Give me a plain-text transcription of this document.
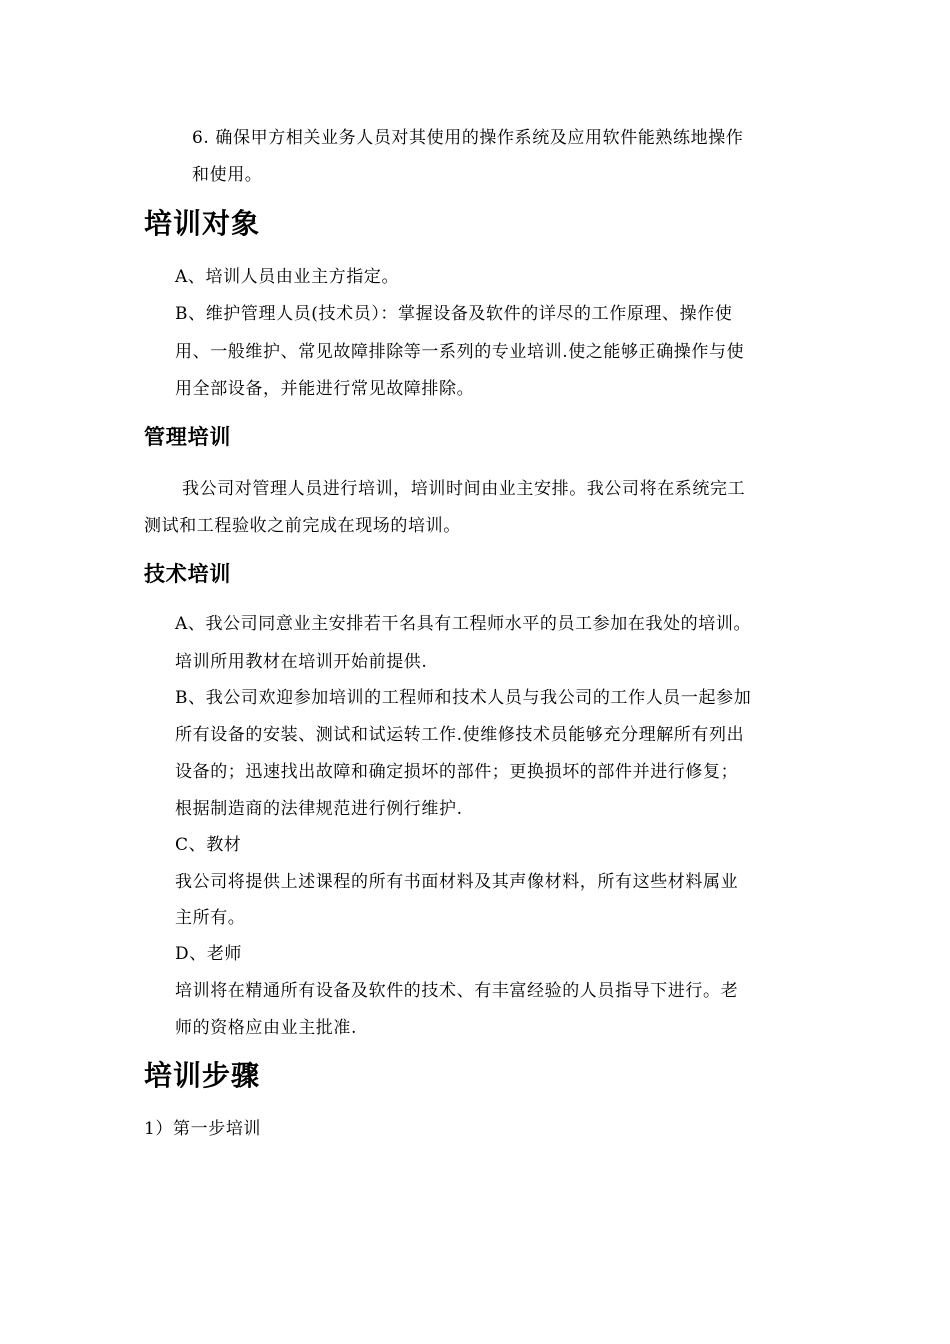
6. 确保甲方相关业务人员对其使用的操作系统及应用软件能熟练地操作
和使用。
培训对象
A、培训人员由业主方指定。
B、维护管理人员(技术员）：掌握设备及软件的详尽的工作原理、操作使
用、一般维护、常见故障排除等一系列的专业培训.使之能够正确操作与使
用全部设备，并能进行常见故障排除。
管理培训
我公司对管理人员进行培训，培训时间由业主安排。我公司将在系统完工
测试和工程验收之前完成在现场的培训。
技术培训
A、我公司同意业主安排若干名具有工程师水平的员工参加在我处的培训。
培训所用教材在培训开始前提供.
B、我公司欢迎参加培训的工程师和技术人员与我公司的工作人员一起参加
所有设备的安装、测试和试运转工作.使维修技术员能够充分理解所有列出
设备的；迅速找出故障和确定损坏的部件；更换损坏的部件并进行修复；
根据制造商的法律规范进行例行维护.
C、教材
我公司将提供上述课程的所有书面材料及其声像材料，所有这些材料属业
主所有。
D、老师
培训将在精通所有设备及软件的技术、有丰富经验的人员指导下进行。老
师的资格应由业主批准.
培训步骤
1）第一步培训
